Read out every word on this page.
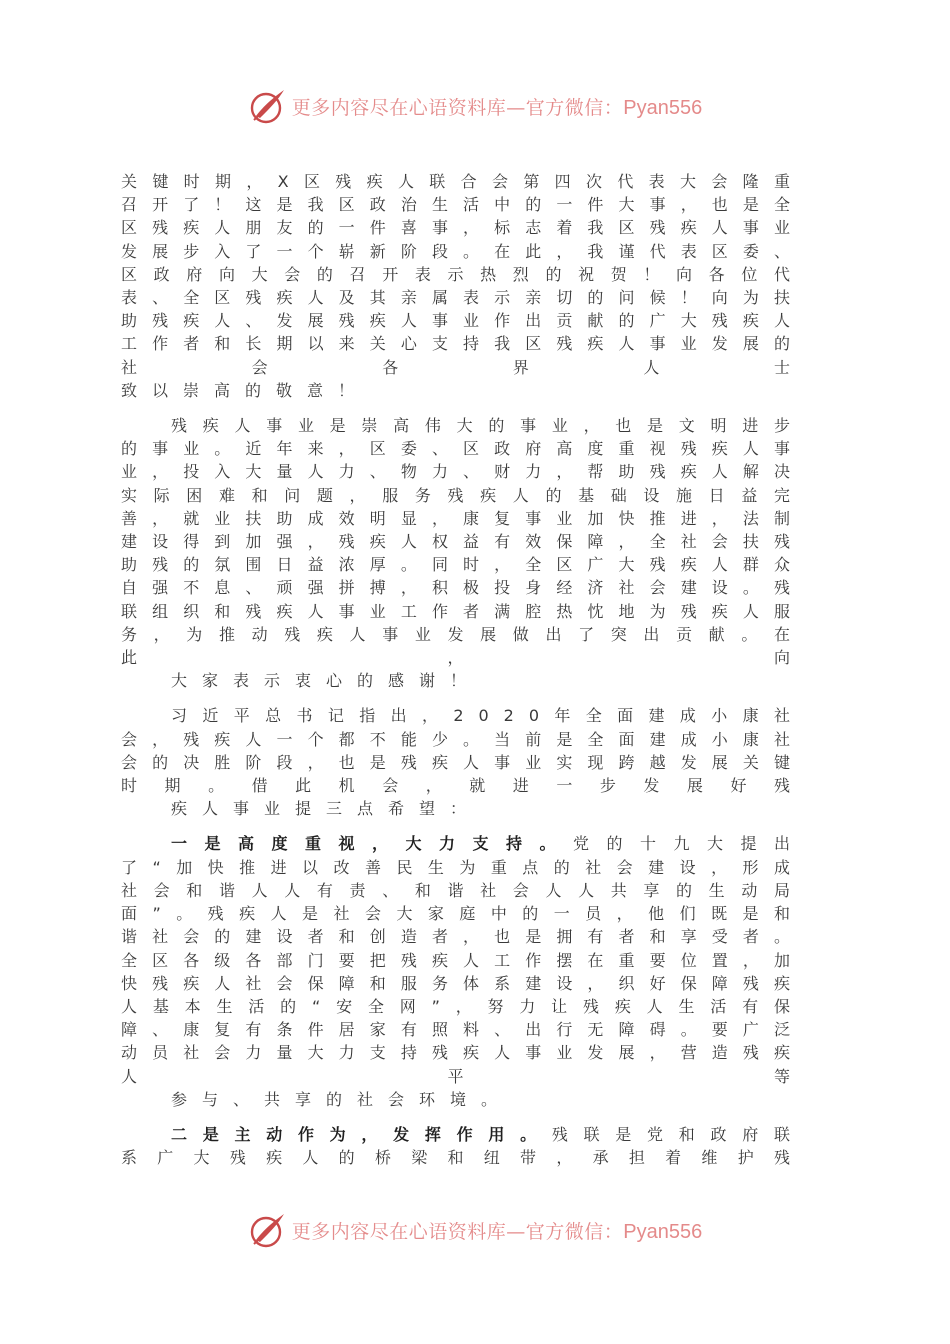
更多内容尽在心语资料库—官方微信：Pyan556

关键时期，X区残疾人联合会第四次代表大会隆重召开了！这是我区政治生活中的一件大事，也是全区残疾人朋友的一件喜事，标志着我区残疾人事业发展步入了一个崭新阶段。在此，我谨代表区委、区政府向大会的召开表示热烈的祝贺！向各位代表、全区残疾人及其亲属表示亲切的问候！向为扶助残疾人、发展残疾人事业作出贡献的广大残疾人工作者和长期以来关心支持我区残疾人事业发展的社会各界人士
致以崇高的敬意！

残疾人事业是崇高伟大的事业，也是文明进步的事业。近年来，区委、区政府高度重视残疾人事业，投入大量人力、物力、财力，帮助残疾人解决实际困难和问题，服务残疾人的基础设施日益完善，就业扶助成效明显，康复事业加快推进，法制建设得到加强，残疾人权益有效保障，全社会扶残助残的氛围日益浓厚。同时，全区广大残疾人群众自强不息、顽强拼搏，积极投身经济社会建设。残联组织和残疾人事业工作者满腔热忱地为残疾人服务，为推动残疾人事业发展做出了突出贡献。在此，向
大家表示衷心的感谢！

习近平总书记指出，2020年全面建成小康社会，残疾人一个都不能少。当前是全面建成小康社会的决胜阶段，也是残疾人事业实现跨越发展关键时期。借此机会，就进一步发展好残
疾人事业提三点希望：

一是高度重视，大力支持。党的十九大提出了“加快推进以改善民生为重点的社会建设，形成社会和谐人人有责、和谐社会人人共享的生动局面”。残疾人是社会大家庭中的一员，他们既是和谐社会的建设者和创造者，也是拥有者和享受者。全区各级各部门要把残疾人工作摆在重要位置，加快残疾人社会保障和服务体系建设，织好保障残疾人基本生活的“安全网”，努力让残疾人生活有保障、康复有条件居家有照料、出行无障碍。要广泛动员社会力量大力支持残疾人事业发展，营造残疾人平等
参与、共享的社会环境。

二是主动作为，发挥作用。残联是党和政府联系广大残疾人的桥梁和纽带，承担着维护残

更多内容尽在心语资料库—官方微信：Pyan556
